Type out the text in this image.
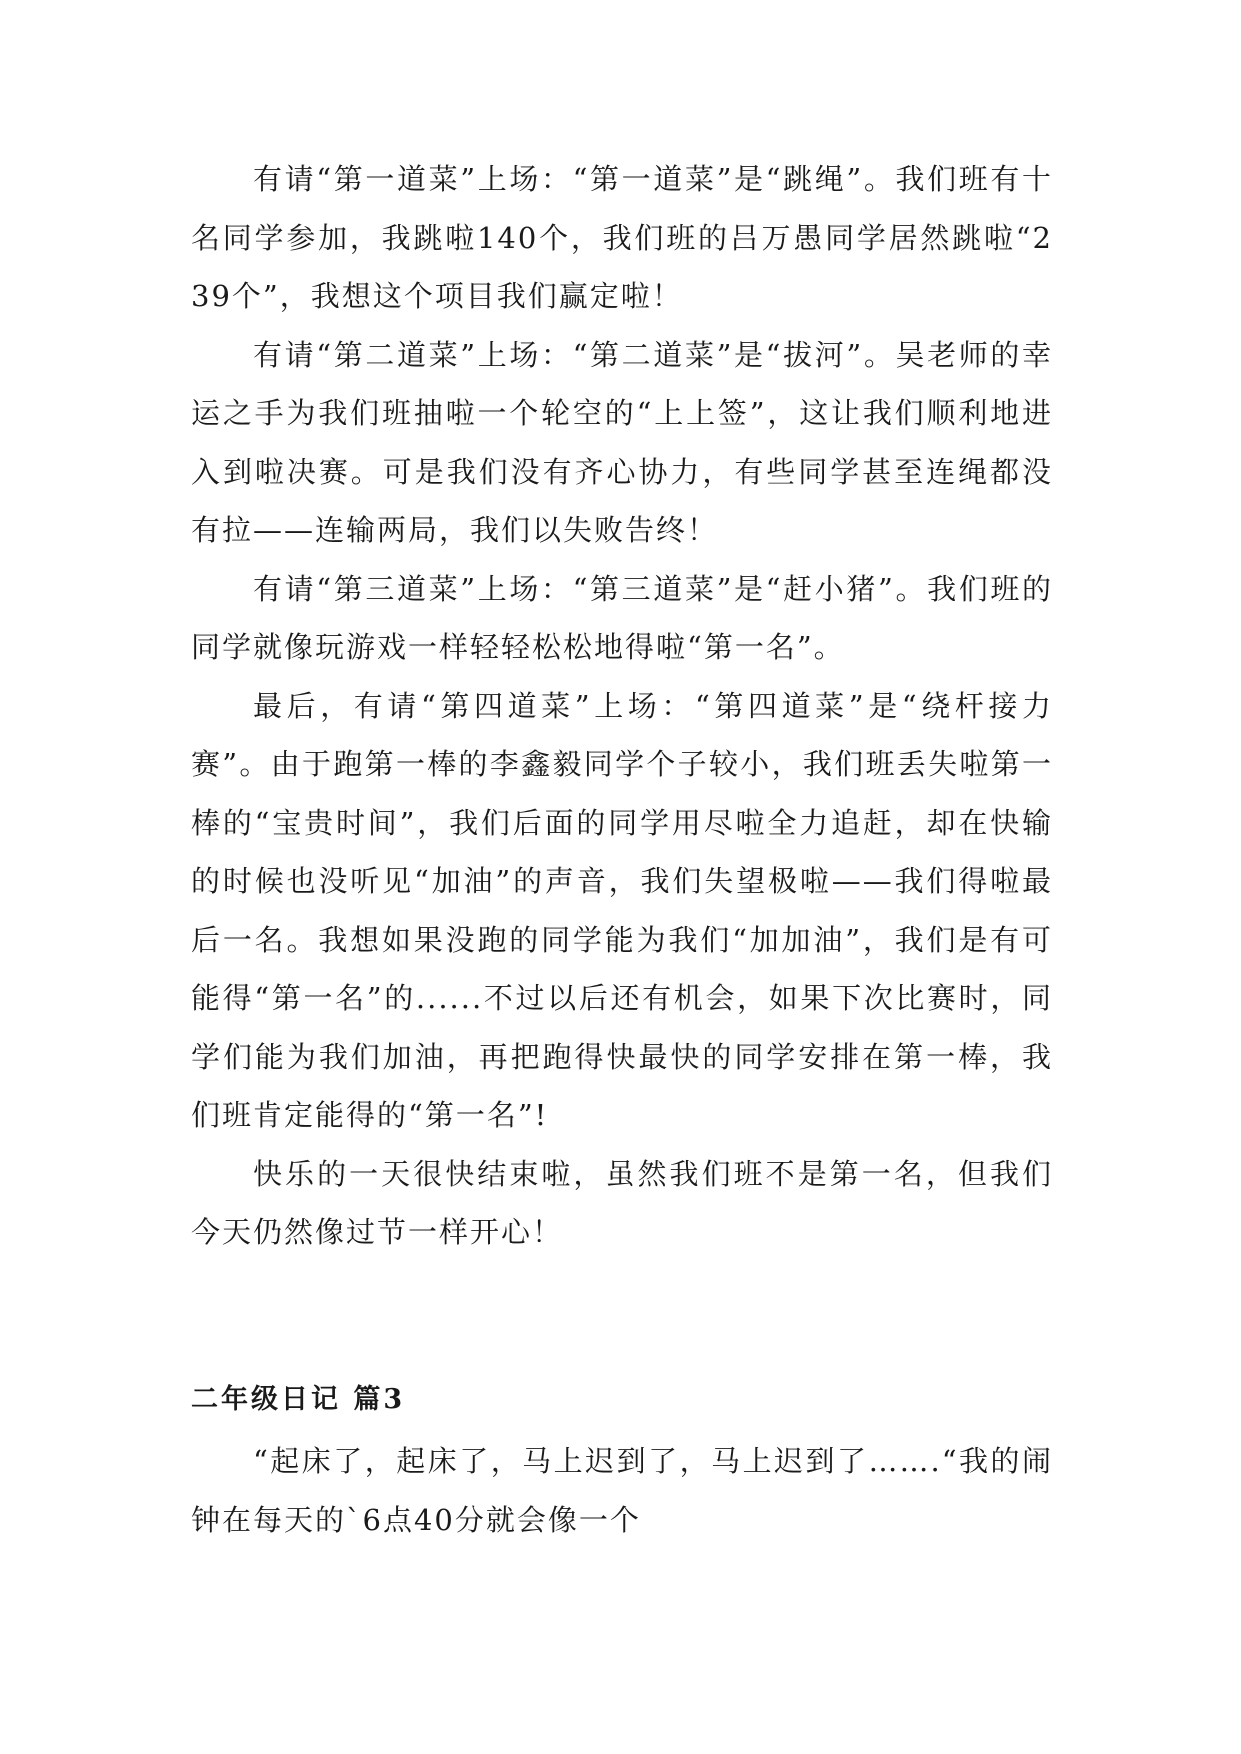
有请“第一道菜”上场：“第一道菜”是“跳绳”。我们班有十名同学参加，我跳啦140个，我们班的吕万愚同学居然跳啦“239个”，我想这个项目我们赢定啦！

有请“第二道菜”上场：“第二道菜”是“拔河”。吴老师的幸运之手为我们班抽啦一个轮空的“上上签”，这让我们顺利地进入到啦决赛。可是我们没有齐心协力，有些同学甚至连绳都没有拉——连输两局，我们以失败告终！

有请“第三道菜”上场：“第三道菜”是“赶小猪”。我们班的同学就像玩游戏一样轻轻松松地得啦“第一名”。

最后，有请“第四道菜”上场：“第四道菜”是“绕杆接力赛”。由于跑第一棒的李鑫毅同学个子较小，我们班丢失啦第一棒的“宝贵时间”，我们后面的同学用尽啦全力追赶，却在快输的时候也没听见“加油”的声音，我们失望极啦——我们得啦最后一名。我想如果没跑的同学能为我们“加加油”，我们是有可能得“第一名”的......不过以后还有机会，如果下次比赛时，同学们能为我们加油，再把跑得快最快的同学安排在第一棒，我们班肯定能得的“第一名”!

快乐的一天很快结束啦，虽然我们班不是第一名，但我们今天仍然像过节一样开心！

二年级日记 篇3

“起床了，起床了，马上迟到了，马上迟到了…….“我的闹钟在每天的`6点40分就会像一个
